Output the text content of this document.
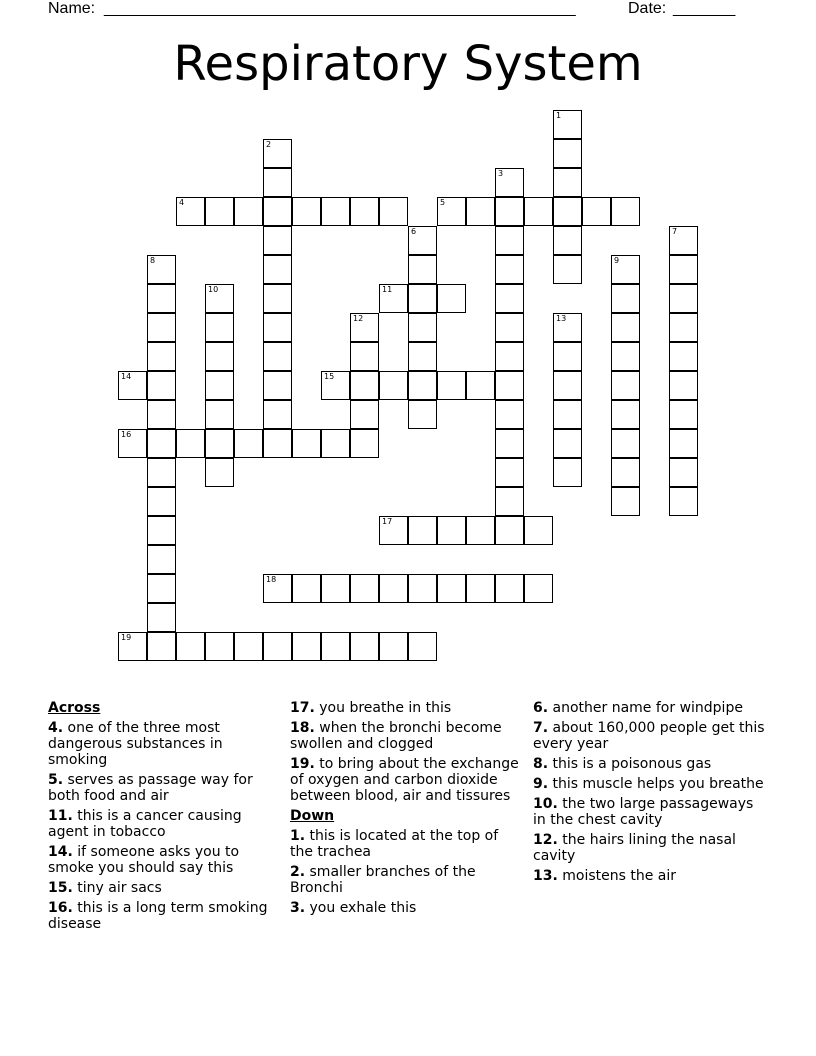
Name: _____________________________________________________	Date: _______
Respiratory System
1
2
3
4	5
6	7
8	9
10	11
12	13
14	15
16
17
18
19
Across
4. one of the three most dangerous substances in smoking
5. serves as passage way for both food and air
11. this is a cancer causing agent in tobacco
14. if someone asks you to smoke you should say this
15. tiny air sacs
16. this is a long term smoking disease
17. you breathe in this
18. when the bronchi become swollen and clogged
19. to bring about the exchange of oxygen and carbon dioxide between blood, air and tissures
Down
1. this is located at the top of the trachea
2. smaller branches of the Bronchi
3. you exhale this
6. another name for windpipe
7. about 160,000 people get this every year
8. this is a poisonous gas
9. this muscle helps you breathe
10. the two large passageways in the chest cavity
12. the hairs lining the nasal cavity
13. moistens the air
